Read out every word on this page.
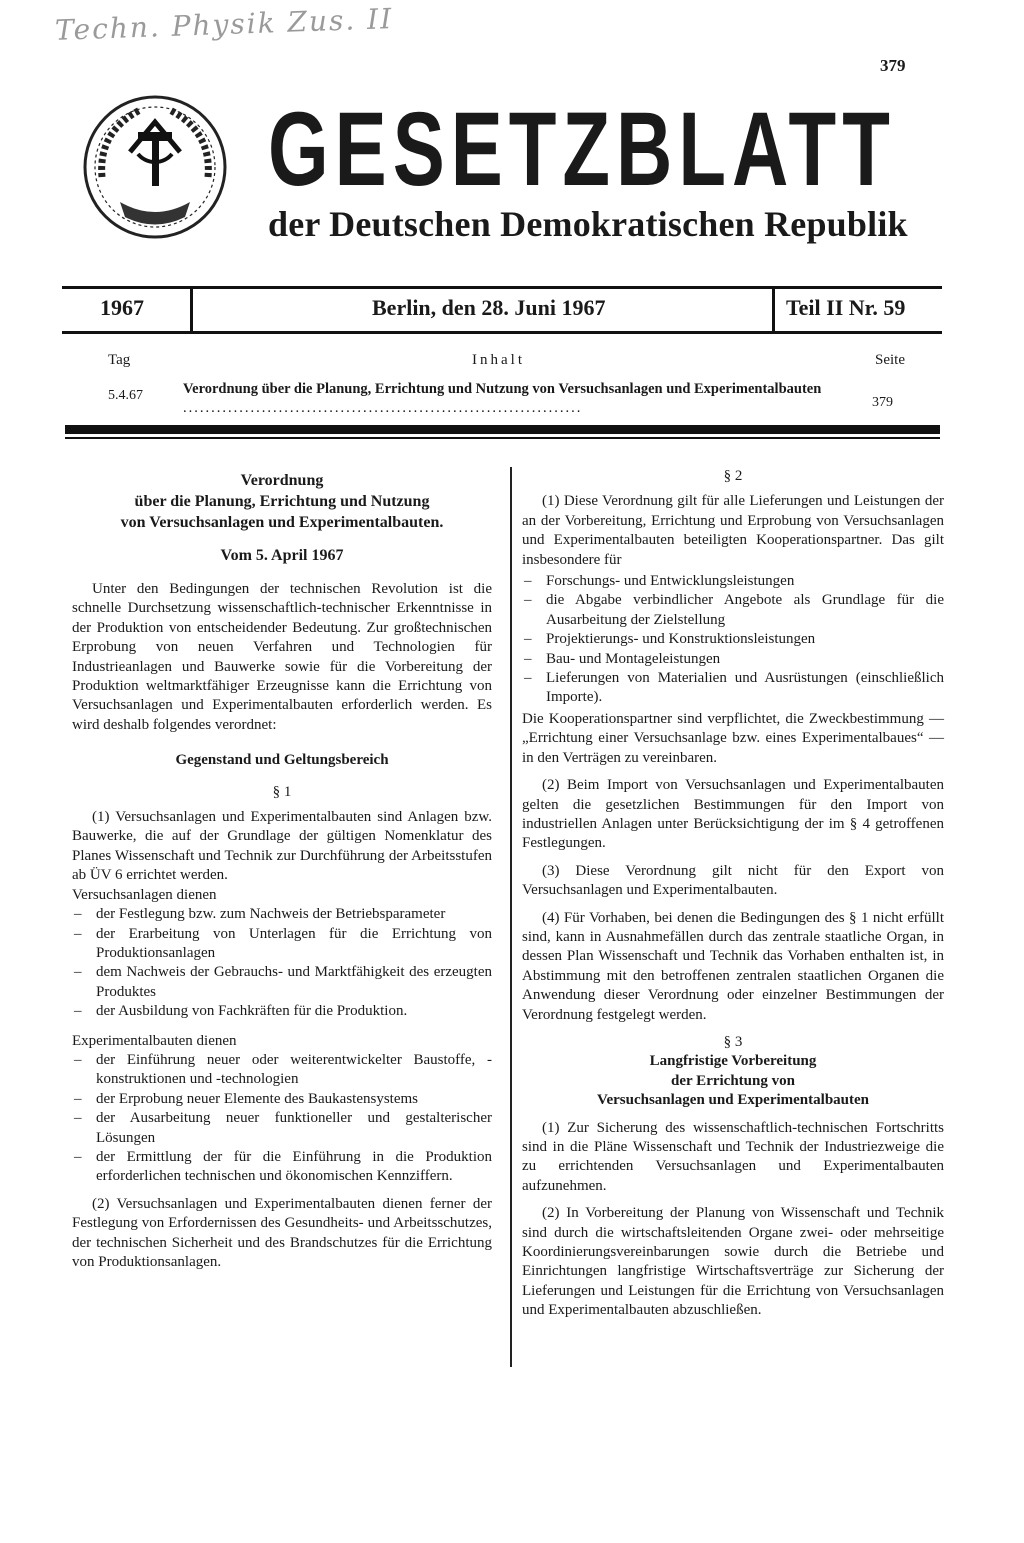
Techn. Physik Zus. II
379
GESETZBLATT
der Deutschen Demokratischen Republik
1967	Berlin, den 28. Juni 1967	Teil II Nr. 59
Tag	Inhalt	Seite
5.4.67	Verordnung über die Planung, Errichtung und Nutzung von Versuchsanlagen und Experimentalbauten .......................................................................	379

Verordnung

über die Planung, Errichtung und Nutzung

von Versuchsanlagen und Experimentalbauten.

Vom 5. April 1967

Unter den Bedingungen der technischen Revolution ist die schnelle Durchsetzung wissenschaftlich-technischer Erkenntnisse in der Produktion von entscheidender Bedeutung. Zur großtechnischen Erprobung von neuen Verfahren und Technologien für Industrieanlagen und Bauwerke sowie für die Vorbereitung der Produktion weltmarktfähiger Erzeugnisse kann die Errichtung von Versuchsanlagen und Experimentalbauten erforderlich werden. Es wird deshalb folgendes verordnet:

Gegenstand und Geltungsbereich

§ 1

(1) Versuchsanlagen und Experimentalbauten sind Anlagen bzw. Bauwerke, die auf der Grundlage der gültigen Nomenklatur des Planes Wissenschaft und Technik zur Durchführung der Arbeitsstufen ab ÜV 6 errichtet werden.

Versuchsanlagen dienen

– der Festlegung bzw. zum Nachweis der Betriebsparameter
– der Erarbeitung von Unterlagen für die Errichtung von Produktionsanlagen
– dem Nachweis der Gebrauchs- und Marktfähigkeit des erzeugten Produktes
– der Ausbildung von Fachkräften für die Produktion.

Experimentalbauten dienen

– der Einführung neuer oder weiterentwickelter Baustoffe, -konstruktionen und -technologien
– der Erprobung neuer Elemente des Baukastensystems
– der Ausarbeitung neuer funktioneller und gestalterischer Lösungen
– der Ermittlung der für die Einführung in die Produktion erforderlichen technischen und ökonomischen Kennziffern.

(2) Versuchsanlagen und Experimentalbauten dienen ferner der Festlegung von Erfordernissen des Gesundheits- und Arbeitsschutzes, der technischen Sicherheit und des Brandschutzes für die Errichtung von Produktionsanlagen.

§ 2

(1) Diese Verordnung gilt für alle Lieferungen und Leistungen der an der Vorbereitung, Errichtung und Erprobung von Versuchsanlagen und Experimentalbauten beteiligten Kooperationspartner. Das gilt insbesondere für

– Forschungs- und Entwicklungsleistungen
– die Abgabe verbindlicher Angebote als Grundlage für die Ausarbeitung der Zielstellung
– Projektierungs- und Konstruktionsleistungen
– Bau- und Montageleistungen
– Lieferungen von Materialien und Ausrüstungen (einschließlich Importe).

Die Kooperationspartner sind verpflichtet, die Zweckbestimmung — „Errichtung einer Versuchsanlage bzw. eines Experimentalbaues“ — in den Verträgen zu vereinbaren.

(2) Beim Import von Versuchsanlagen und Experimentalbauten gelten die gesetzlichen Bestimmungen für den Import von industriellen Anlagen unter Berücksichtigung der im § 4 getroffenen Festlegungen.

(3) Diese Verordnung gilt nicht für den Export von Versuchsanlagen und Experimentalbauten.

(4) Für Vorhaben, bei denen die Bedingungen des § 1 nicht erfüllt sind, kann in Ausnahmefällen durch das zentrale staatliche Organ, in dessen Plan Wissenschaft und Technik das Vorhaben enthalten ist, in Abstimmung mit den betroffenen zentralen staatlichen Organen die Anwendung dieser Verordnung oder einzelner Bestimmungen der Verordnung festgelegt werden.

§ 3

Langfristige Vorbereitung

der Errichtung von

Versuchsanlagen und Experimentalbauten

(1) Zur Sicherung des wissenschaftlich-technischen Fortschritts sind in die Pläne Wissenschaft und Technik der Industriezweige die zu errichtenden Versuchsanlagen und Experimentalbauten aufzunehmen.

(2) In Vorbereitung der Planung von Wissenschaft und Technik sind durch die wirtschaftsleitenden Organe zwei- oder mehrseitige Koordinierungsvereinbarungen sowie durch die Betriebe und Einrichtungen langfristige Wirtschaftsverträge zur Sicherung der Lieferungen und Leistungen für die Errichtung von Versuchsanlagen und Experimentalbauten abzuschließen.
